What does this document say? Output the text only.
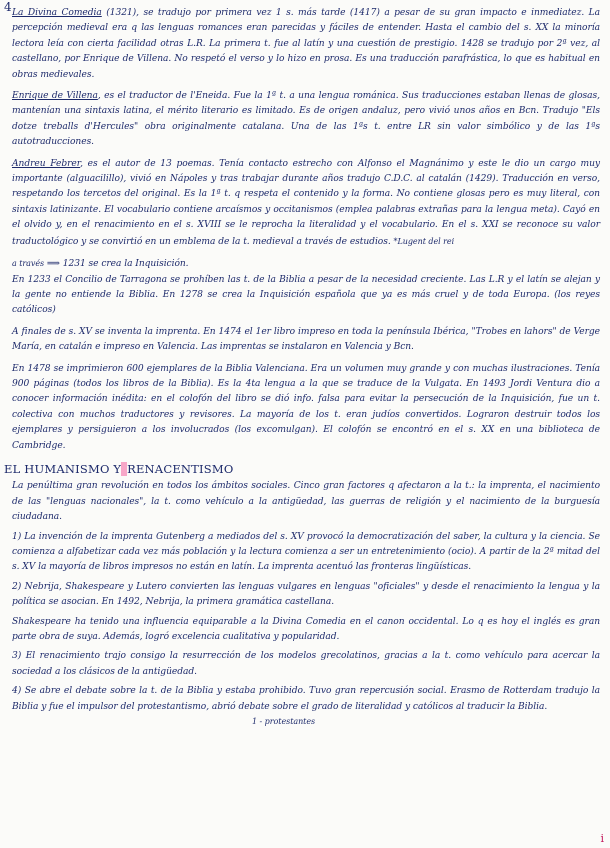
4 La Divina Comedia (1321), se tradujo por primera vez 1 s. más tarde (1417) a pesar de su gran impacto e inmediatez. La percepción medieval era q las lenguas romances eran parecidas y fáciles de entender. Hasta el cambio del s. XX la minoría lectora leía con cierta facilidad otras L.R. La primera t. fue al latín y una cuestión de prestigio. 1428 se tradujo por 2ª vez, al castellano, por Enrique de Villena. No respetó el verso y lo hizo en prosa. Es una traducción parafrástica, lo que es habitual en obras medievales.

Enrique de Villena, es el traductor de l'Eneida. Fue la 1ª t. a una lengua románica. Sus traducciones estaban llenas de glosas, mantenían una sintaxis latina, el mérito literario es limitado. Es de origen andaluz, pero vivió unos años en Bcn. Tradujo "Els dotze treballs d'Hercules" obra originalmente catalana. Una de las 1ªs t. entre LR sin valor simbólico y de las 1ªs autotraducciones.

Andreu Febrer, es el autor de 13 poemas. Tenía contacto estrecho con Alfonso el Magnánimo y este le dio un cargo muy importante (alguacilillo), vivió en Nápoles y tras trabajar durante años tradujo C.D.C. al catalán (1429). Traducción en verso, respetando los tercetos del original. Es la 1ª t. q respeta el contenido y la forma. No contiene glosas pero es muy literal, con sintaxis latinizante. El vocabulario contiene arcaísmos y occitanismos (emplea palabras extrañas para la lengua meta). Cayó en el olvido y, en el renacimiento en el s. XVIII se le reprocha la literalidad y el vocabulario. En el s. XXI se reconoce su valor traductológico y se convirtió en un emblema de la t. medieval a través de estudios. *Lugent del rei

a través ⟹ 1231 se crea la Inquisición.
En 1233 el Concilio de Tarragona se prohíben las t. de la Biblia a pesar de la necesidad creciente. Las L.R y el latín se alejan y la gente no entiende la Biblia. En 1278 se crea la Inquisición española que ya es más cruel y de toda Europa. (los reyes católicos)

A finales de s. XV se inventa la imprenta. En 1474 el 1er libro impreso en toda la península Ibérica, "Trobes en lahors" de Verge María, en catalán e impreso en Valencia. Las imprentas se instalaron en Valencia y Bcn.

En 1478 se imprimieron 600 ejemplares de la Biblia Valenciana. Era un volumen muy grande y con muchas ilustraciones. Tenía 900 páginas (todos los libros de la Biblia). Es la 4ta lengua a la que se traduce de la Vulgata. En 1493 Jordi Ventura dio a conocer información inédita: en el colofón del libro se dió info. falsa para evitar la persecución de la Inquisición, fue un t. colectiva con muchos traductores y revisores. La mayoría de los t. eran judíos convertidos. Lograron destruir todos los ejemplares y persiguieron a los involucrados (los excomulgan). El colofón se encontró en el s. XX en una biblioteca de Cambridge.

EL HUMANISMO Y RENACENTISMO

La penúltima gran revolución en todos los ámbitos sociales. Cinco gran factores q afectaron a la t.: la imprenta, el nacimiento de las "lenguas nacionales", la t. como vehículo a la antigüedad, las guerras de religión y el nacimiento de la burguesía ciudadana.

1) La invención de la imprenta Gutenberg a mediados del s. XV provocó la democratización del saber, la cultura y la ciencia. Se comienza a alfabetizar cada vez más población y la lectura comienza a ser un entretenimiento (ocio). A partir de la 2ª mitad del s. XV la mayoría de libros impresos no están en latín. La imprenta acentuó las fronteras lingüísticas.

2) Nebrija, Shakespeare y Lutero convierten las lenguas vulgares en lenguas "oficiales" y desde el renacimiento la lengua y la política se asocian. En 1492, Nebrija, la primera gramática castellana.

Shakespeare ha tenido una influencia equiparable a la Divina Comedia en el canon occidental. Lo q es hoy el inglés es gran parte obra de suya. Además, logró excelencia cualitativa y popularidad.

3) El renacimiento trajo consigo la resurrección de los modelos grecolatinos, gracias a la t. como vehículo para acercar la sociedad a los clásicos de la antigüedad.

4) Se abre el debate sobre la t. de la Biblia y estaba prohibido. Tuvo gran repercusión social. Erasmo de Rotterdam tradujo la Biblia y fue el impulsor del protestantismo, abrió debate sobre el grado de literalidad y católicos al traducir la Biblia.

1 - protestantes
i
